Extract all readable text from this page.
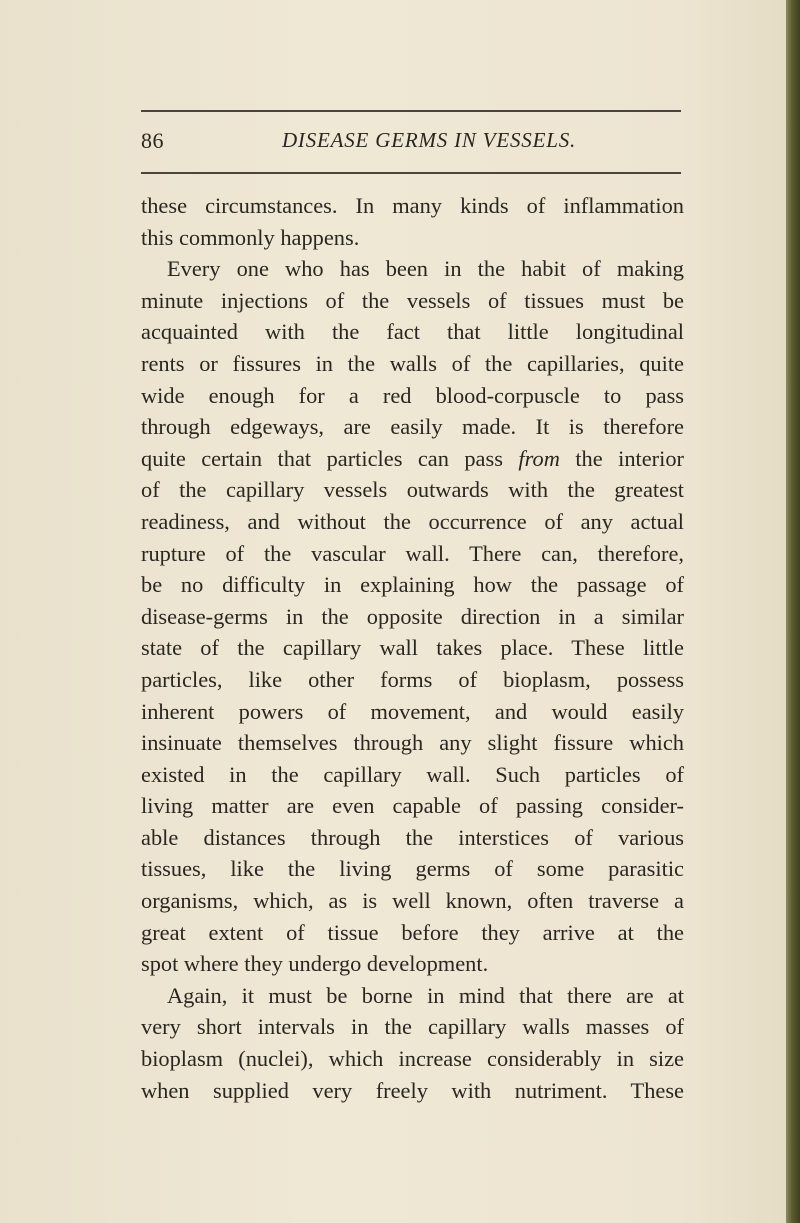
86	DISEASE GERMS IN VESSELS.
these circumstances. In many kinds of inflammation
this commonly happens.
Every one who has been in the habit of making
minute injections of the vessels of tissues must be
acquainted with the fact that little longitudinal
rents or fissures in the walls of the capillaries, quite
wide enough for a red blood-corpuscle to pass
through edgeways, are easily made. It is therefore
quite certain that particles can pass from the interior
of the capillary vessels outwards with the greatest
readiness, and without the occurrence of any actual
rupture of the vascular wall. There can, therefore,
be no difficulty in explaining how the passage of
disease-germs in the opposite direction in a similar
state of the capillary wall takes place. These little
particles, like other forms of bioplasm, possess
inherent powers of movement, and would easily
insinuate themselves through any slight fissure which
existed in the capillary wall. Such particles of
living matter are even capable of passing consider-
able distances through the interstices of various
tissues, like the living germs of some parasitic
organisms, which, as is well known, often traverse a
great extent of tissue before they arrive at the
spot where they undergo development.
Again, it must be borne in mind that there are at
very short intervals in the capillary walls masses of
bioplasm (nuclei), which increase considerably in size
when supplied very freely with nutriment. These
